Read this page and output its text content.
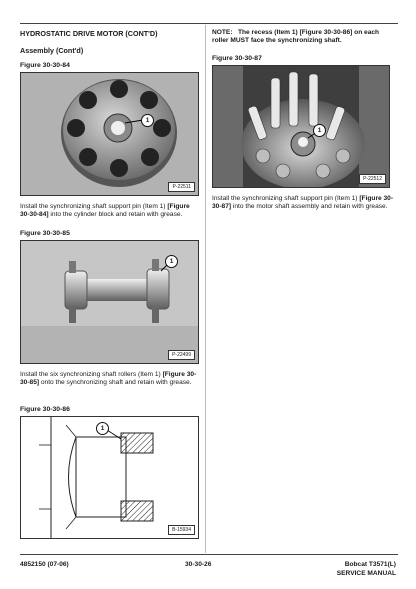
HYDROSTATIC DRIVE MOTOR (CONT'D)
Assembly (Cont'd)
Figure 30-30-84
1
P-22511
Install the synchronizing shaft support pin (Item 1) [Figure 30-30-84] into the cylinder block and retain with grease.
Figure 30-30-85
1
P-22499
Install the six synchronizing shaft rollers (Item 1) [Figure 30-30-85] onto the synchronizing shaft and retain with grease.
Figure 30-30-86
1
B-15934
NOTE: The recess (Item 1) [Figure 30-30-86] on each roller MUST face the synchronizing shaft.
Figure 30-30-87
1
P-22512
Install the synchronizing shaft support pin (Item 1) [Figure 30-30-87] into the motor shaft assembly and retain with grease.
4852150 (07-06)	30-30-26	Bobcat T3571(L)
SERVICE MANUAL
